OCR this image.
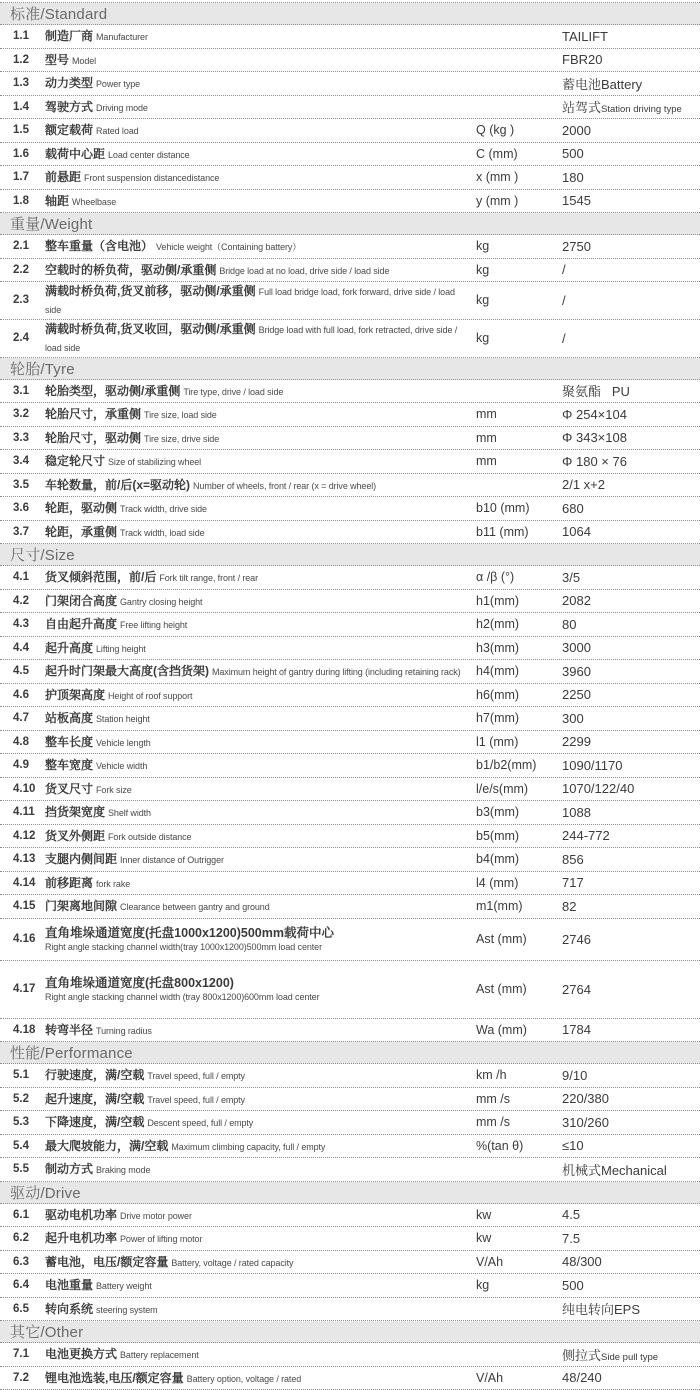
标准/Standard
1.1	制造厂商 Manufacturer	TAILIFT
1.2	型号 Model	FBR20
1.3	动力类型 Power type	蓄电池Battery
1.4	驾驶方式 Driving mode	站驾式Station driving type
1.5	额定载荷 Rated load	Q (kg )	2000
1.6	载荷中心距 Load center distance	C (mm)	500
1.7	前悬距 Front suspension distancedistance	x (mm )	180
1.8	轴距 Wheelbase	y (mm )	1545
重量/Weight
2.1	整车重量（含电池） Vehicle weight（Containing battery）	kg	2750
2.2	空载时的桥负荷，驱动侧/承重侧 Bridge load at no load, drive side / load side	kg	/
2.3
满载时桥负荷,货叉前移，驱动侧/承重侧 Full load bridge load, fork forward, drive side / load side
kg	/
2.4
满载时桥负荷,货叉收回，驱动侧/承重侧 Bridge load with full load, fork retracted, drive side / load side
kg	/
轮胎/Tyre
3.1	轮胎类型，驱动侧/承重侧 Tire type, drive / load side	聚氨酯   PU
3.2	轮胎尺寸，承重侧 Tire size, load side	mm	Φ 254×104
3.3	轮胎尺寸，驱动侧 Tire size, drive side	mm	Φ 343×108
3.4	稳定轮尺寸 Size of stabilizing wheel	mm	Φ 180 × 76
3.5	车轮数量，前/后(x=驱动轮) Number of wheels, front / rear (x = drive wheel)	2/1 x+2
3.6	轮距，驱动侧 Track width, drive side	b10 (mm)	680
3.7	轮距，承重侧 Track width, load side	b11 (mm)	1064
尺寸/Size
4.1	货叉倾斜范围，前/后 Fork tilt range, front / rear	α /β (°)	3/5
4.2	门架闭合高度 Gantry closing height	h1(mm)	2082
4.3	自由起升高度 Free lifting height	h2(mm)	80
4.4	起升高度 Lifting height	h3(mm)	3000
4.5	起升时门架最大高度(含挡货架) Maximum height of gantry during lifting (including retaining rack)	h4(mm)	3960
4.6	护顶架高度 Height of roof support	h6(mm)	2250
4.7	站板高度 Station height	h7(mm)	300
4.8	整车长度 Vehicle length	l1 (mm)	2299
4.9	整车宽度 Vehicle width	b1/b2(mm)	1090/1170
4.10 货叉尺寸 Fork size	l/e/s(mm)	1070/122/40
4.11 挡货架宽度 Shelf width	b3(mm)	1088
4.12 货叉外侧距 Fork outside distance	b5(mm)	244-772
4.13 支腿内侧间距 Inner distance of Outrigger	b4(mm)	856
4.14 前移距离 fork rake	l4 (mm)	717
4.15 门架离地间隙 Clearance between gantry and ground	m1(mm)	82
4.16 直角堆垛通道宽度(托盘1000x1200)500mm载荷中心
Right angle stacking channel width(tray 1000x1200)500mm load center
Ast (mm)	2746
4.17 直角堆垛通道宽度(托盘800x1200)
Right angle stacking channel width (tray 800x1200)600mm load center
Ast (mm)	2764
4.18 转弯半径 Turning radius	Wa (mm)	1784
性能/Performance
5.1	行驶速度，满/空载 Travel speed, full / empty	km /h	9/10
5.2	起升速度，满/空载 Travel speed, full / empty	mm /s	220/380
5.3	下降速度，满/空载 Descent speed, full / empty	mm /s	310/260
5.4	最大爬坡能力，满/空载 Maximum climbing capacity, full / empty	%(tan θ)	≤10
5.5	制动方式 Braking mode	机械式Mechanical
驱动/Drive
6.1	驱动电机功率 Drive motor power	kw	4.5
6.2	起升电机功率 Power of lifting motor	kw	7.5
6.3	蓄电池，电压/额定容量 Battery, voltage / rated capacity	V/Ah	48/300
6.4	电池重量 Battery weight	kg	500
6.5	转向系统 steering system	纯电转向EPS
其它/Other
7.1	电池更换方式 Battery replacement	侧拉式Side pull type
7.2	锂电池选装,电压/额定容量 Battery option, voltage / rated	V/Ah	48/240
